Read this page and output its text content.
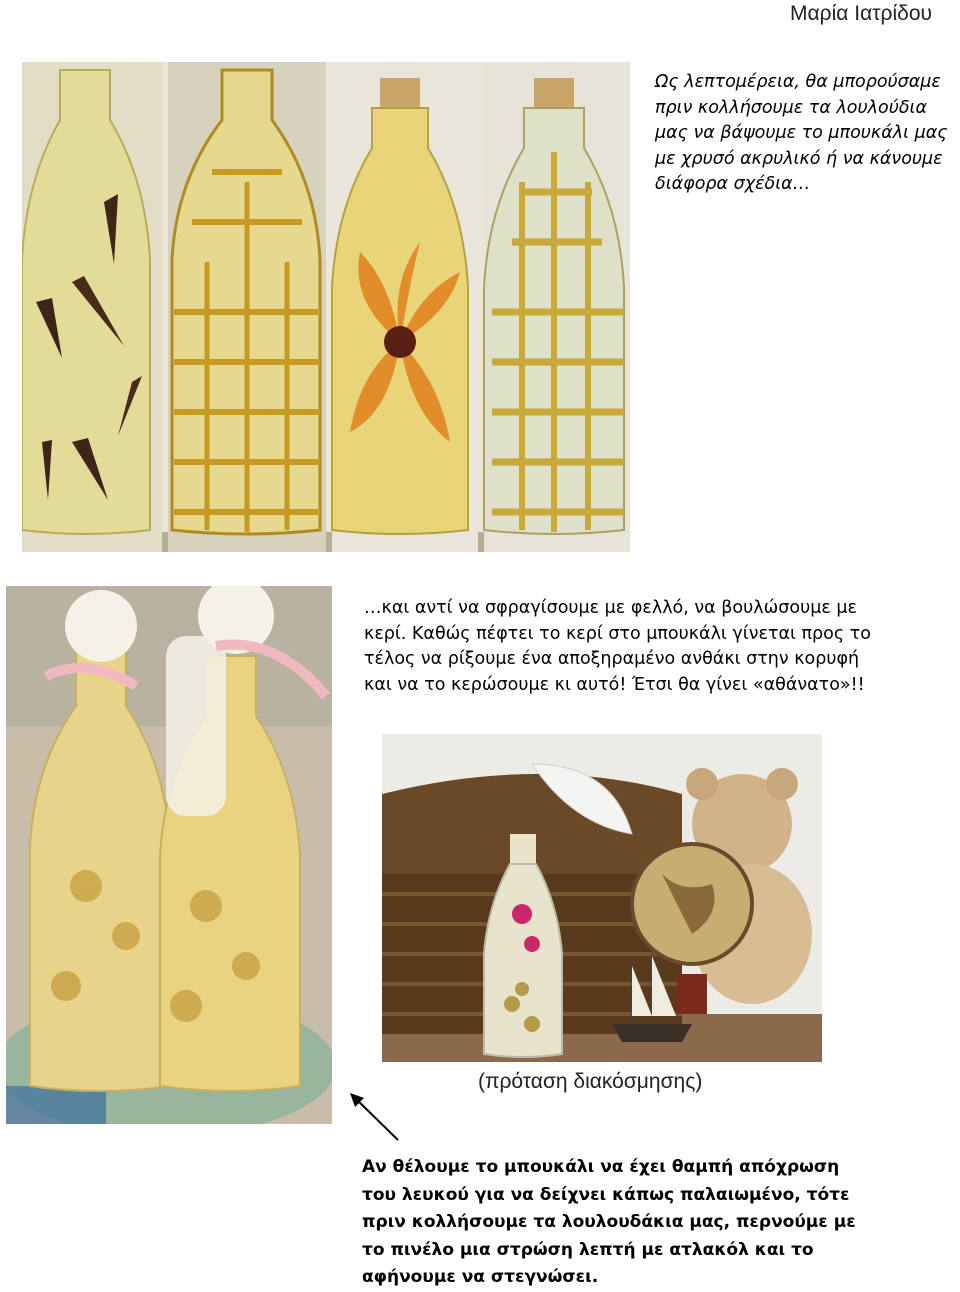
Μαρία Ιατρίδου
Ως λεπτομέρεια, θα μπορούσαμε πριν κολλήσουμε τα λουλούδια μας να βάψουμε το μπουκάλι μας με χρυσό ακρυλικό ή να κάνουμε διάφορα σχέδια…
…και αντί να σφραγίσουμε με φελλό, να βουλώσουμε με κερί. Καθώς πέφτει το κερί στο μπουκάλι γίνεται προς το τέλος να ρίξουμε ένα αποξηραμένο ανθάκι στην κορυφή και να το κερώσουμε κι αυτό! Έτσι θα γίνει «αθάνατο»!!
(πρόταση διακόσμησης)
Αν θέλουμε το μπουκάλι να έχει θαμπή απόχρωση του λευκού για να δείχνει κάπως παλαιωμένο, τότε πριν κολλήσουμε τα λουλουδάκια μας, περνούμε με το πινέλο μια στρώση λεπτή με ατλακόλ και το αφήνουμε να στεγνώσει.
